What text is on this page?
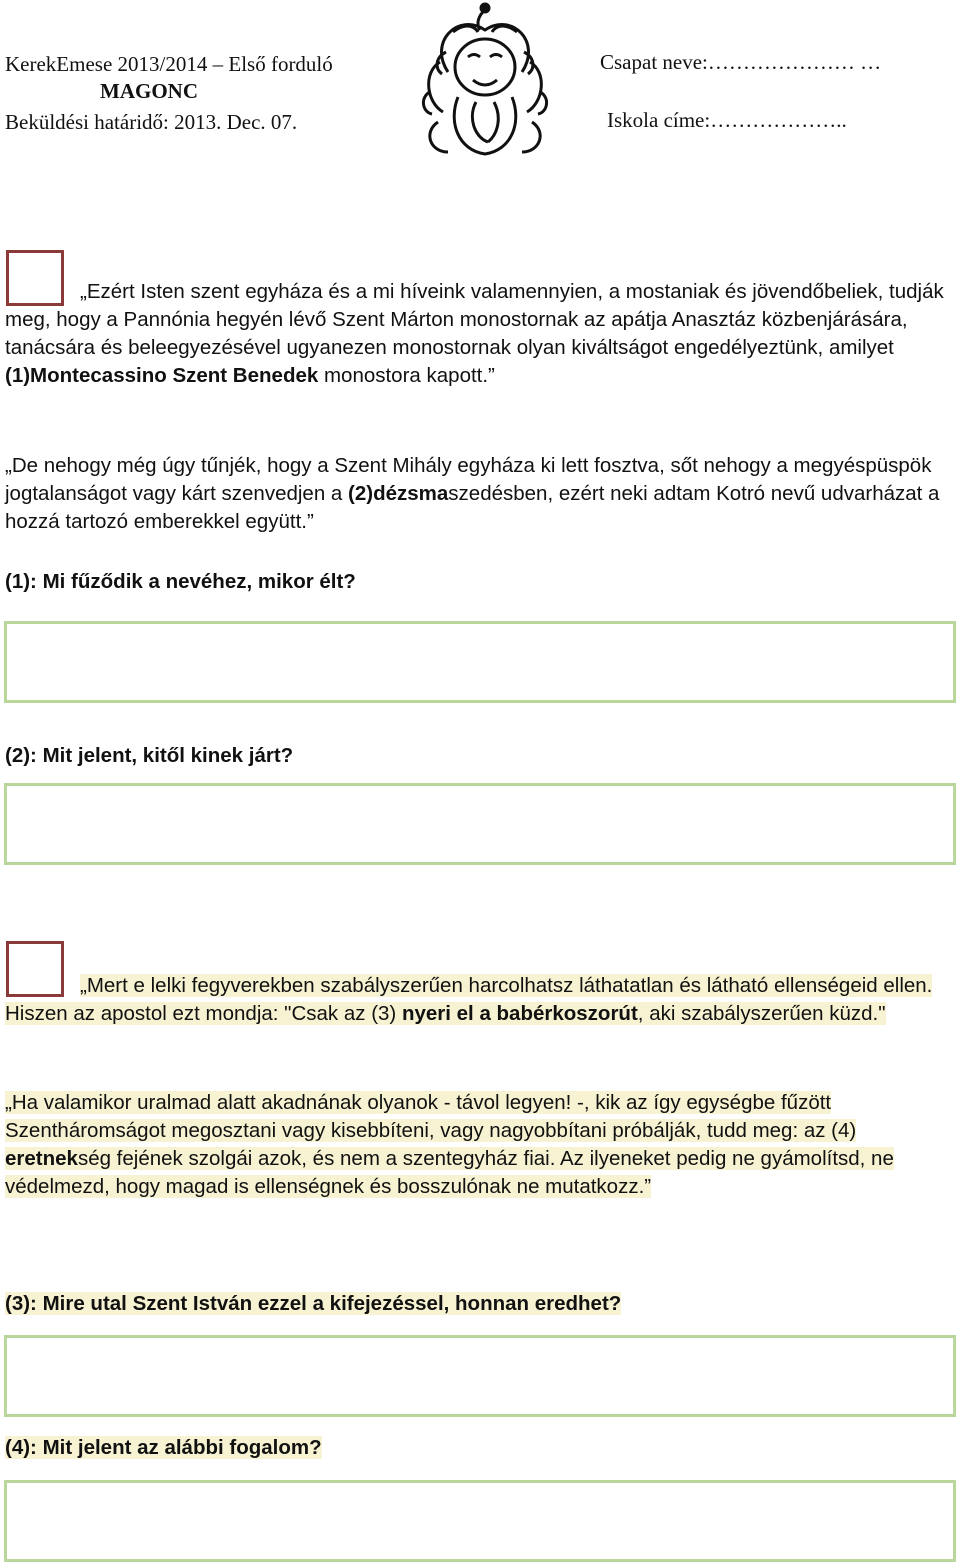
KerekEmese 2013/2014 – Első forduló
Beküldési határidő: 2013. Dec. 07.
MAGONC
Csapat neve:………………… …
Iskola címe:………………..
„Ezért Isten szent egyháza és a mi híveink valamennyien, a mostaniak és jövendőbeliek, tudják meg, hogy a Pannónia hegyén lévő Szent Márton monostornak az apátja Anasztáz közbenjárására, tanácsára és beleegyezésével ugyanezen monostornak olyan kiváltságot engedélyeztünk, amilyet (1)Montecassino Szent Benedek monostora kapott.”
„De nehogy még úgy tűnjék, hogy a Szent Mihály egyháza ki lett fosztva, sőt nehogy a megyéspüspök jogtalanságot vagy kárt szenvedjen a (2)dézsmaszedésben, ezért neki adtam Kotró nevű udvarházat a hozzá tartozó emberekkel együtt.”
(1): Mi fűződik a nevéhez, mikor élt?
(2): Mit jelent, kitől kinek járt?
„Mert e lelki fegyverekben szabályszerűen harcolhatsz láthatatlan és látható ellenségeid ellen. Hiszen az apostol ezt mondja: "Csak az (3) nyeri el a babérkoszorút, aki szabályszerűen küzd."
„Ha valamikor uralmad alatt akadnának olyanok - távol legyen! -, kik az így egységbe fűzött Szentháromságot megosztani vagy kisebbíteni, vagy nagyobbítani próbálják, tudd meg: az (4) eretnekség fejének szolgái azok, és nem a szentegyház fiai. Az ilyeneket pedig ne gyámolítsd, ne védelmezd, hogy magad is ellenségnek és bosszulónak ne mutatkozz.”
(3): Mire utal Szent István ezzel a kifejezéssel, honnan eredhet?
(4): Mit jelent az alábbi fogalom?
